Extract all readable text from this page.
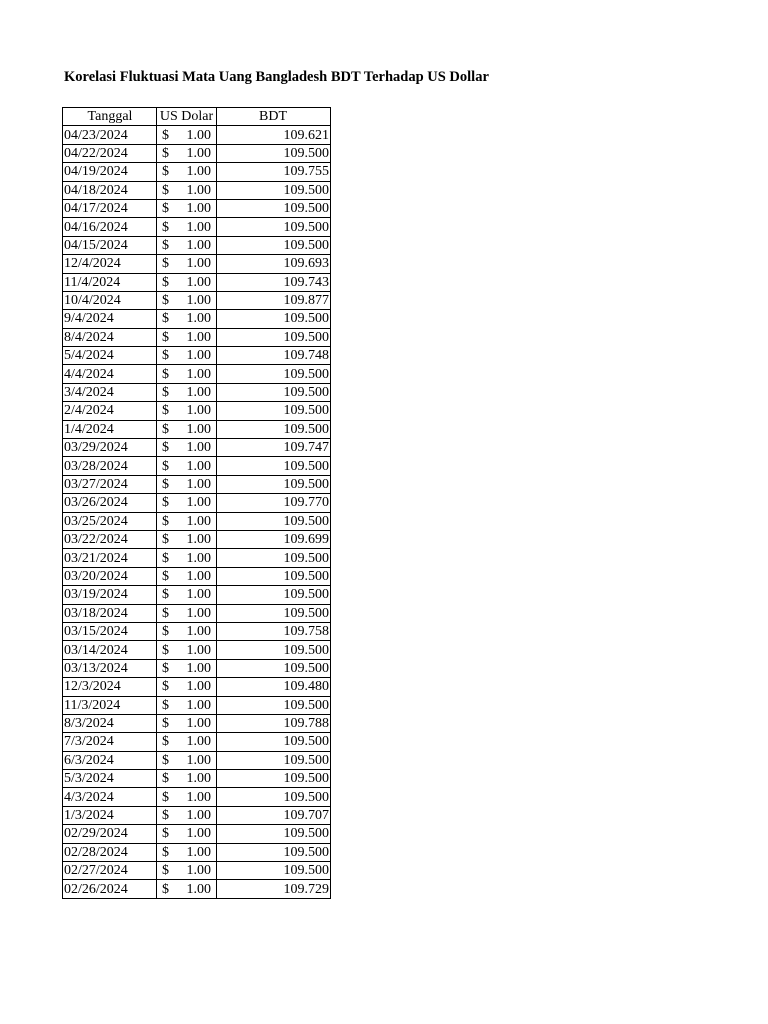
Korelasi Fluktuasi Mata Uang Bangladesh BDT Terhadap US Dollar
Tanggal	US Dolar	BDT
04/23/2024	$ 1.00	109.621
04/22/2024	$ 1.00	109.500
04/19/2024	$ 1.00	109.755
04/18/2024	$ 1.00	109.500
04/17/2024	$ 1.00	109.500
04/16/2024	$ 1.00	109.500
04/15/2024	$ 1.00	109.500
12/4/2024	$ 1.00	109.693
11/4/2024	$ 1.00	109.743
10/4/2024	$ 1.00	109.877
9/4/2024	$ 1.00	109.500
8/4/2024	$ 1.00	109.500
5/4/2024	$ 1.00	109.748
4/4/2024	$ 1.00	109.500
3/4/2024	$ 1.00	109.500
2/4/2024	$ 1.00	109.500
1/4/2024	$ 1.00	109.500
03/29/2024	$ 1.00	109.747
03/28/2024	$ 1.00	109.500
03/27/2024	$ 1.00	109.500
03/26/2024	$ 1.00	109.770
03/25/2024	$ 1.00	109.500
03/22/2024	$ 1.00	109.699
03/21/2024	$ 1.00	109.500
03/20/2024	$ 1.00	109.500
03/19/2024	$ 1.00	109.500
03/18/2024	$ 1.00	109.500
03/15/2024	$ 1.00	109.758
03/14/2024	$ 1.00	109.500
03/13/2024	$ 1.00	109.500
12/3/2024	$ 1.00	109.480
11/3/2024	$ 1.00	109.500
8/3/2024	$ 1.00	109.788
7/3/2024	$ 1.00	109.500
6/3/2024	$ 1.00	109.500
5/3/2024	$ 1.00	109.500
4/3/2024	$ 1.00	109.500
1/3/2024	$ 1.00	109.707
02/29/2024	$ 1.00	109.500
02/28/2024	$ 1.00	109.500
02/27/2024	$ 1.00	109.500
02/26/2024	$ 1.00	109.729
